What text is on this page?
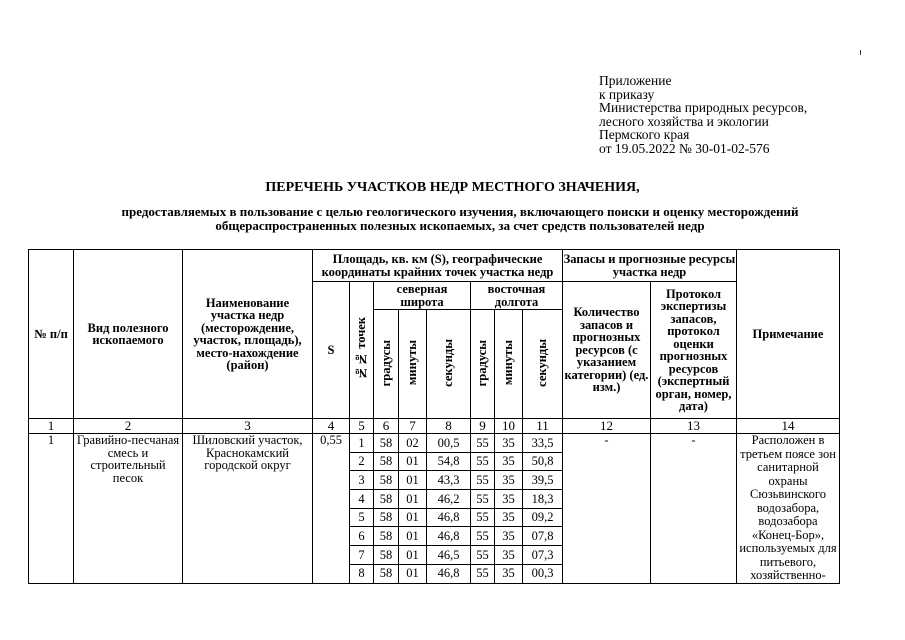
Приложение
к приказу
Министерства природных ресурсов,
лесного хозяйства и экологии
Пермского края
от 19.05.2022 № 30-01-02-576
ПЕРЕЧЕНЬ УЧАСТКОВ НЕДР МЕСТНОГО ЗНАЧЕНИЯ,
предоставляемых в пользование с целью геологического изучения, включающего поиски и оценку месторождений общераспространенных полезных ископаемых, за счет средств пользователей недр
№ п/п	Вид полезного ископаемого	Наименование участка недр (месторождение, участок, площадь), место-нахождение (район)	Площадь, кв. км (S), географические координаты крайних точек участка недр								Запасы и прогнозные ресурсы участка недр		Примечание
			S	№№ точек	северная широта			восточная долгота			Количество запасов и прогнозных ресурсов (с указанием категории) (ед. изм.)	Протокол экспертизы запасов, протокол оценки прогнозных ресурсов (экспертный орган, номер, дата)	
					градусы	минуты	секунды	градусы	минуты	секунды			
1	2	3	4	5	6	7	8	9	10	11	12	13	14
1	Гравийно-песчаная смесь и строительный песок	Шиловский участок, Краснокамский городской округ	0,55	1	58	02	00,5	55	35	33,5	-	-	Расположен в третьем поясе зон санитарной охраны Сюзьвинского водозабора, водозабора «Конец-Бор», используемых для питьевого, хозяйственно-
				2	58	01	54,8	55	35	50,8			
				3	58	01	43,3	55	35	39,5			
				4	58	01	46,2	55	35	18,3			
				5	58	01	46,8	55	35	09,2			
				6	58	01	46,8	55	35	07,8			
				7	58	01	46,5	55	35	07,3			
				8	58	01	46,8	55	35	00,3			
